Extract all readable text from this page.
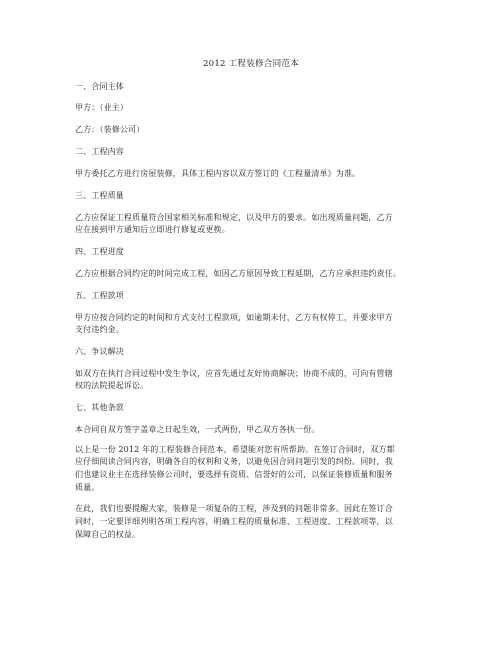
2012 工程装修合同范本
一、合同主体
甲方：（业主）
乙方：（装修公司）
二、工程内容
甲方委托乙方进行房屋装修，具体工程内容以双方签订的《工程量清单》为准。
三、工程质量
乙方应保证工程质量符合国家相关标准和规定，以及甲方的要求。如出现质量问题，乙方
应在接到甲方通知后立即进行修复或更换。
四、工程进度
乙方应根据合同约定的时间完成工程，如因乙方原因导致工程延期，乙方应承担违约责任。
五、工程款项
甲方应按合同约定的时间和方式支付工程款项，如逾期未付，乙方有权停工，并要求甲方
支付违约金。
六、争议解决
如双方在执行合同过程中发生争议，应首先通过友好协商解决；协商不成的，可向有管辖
权的法院提起诉讼。
七、其他条款
本合同自双方签字盖章之日起生效，一式两份，甲乙双方各执一份。
以上是一份 2012 年的工程装修合同范本，希望能对您有所帮助。在签订合同时，双方都
应仔细阅读合同内容，明确各自的权利和义务，以避免因合同问题引发的纠纷。同时，我
们也建议业主在选择装修公司时，要选择有资质、信誉好的公司，以保证装修质量和服务
质量。
在此，我们也要提醒大家，装修是一项复杂的工程，涉及到的问题非常多。因此在签订合
同时，一定要详细列明各项工程内容，明确工程的质量标准、工程进度、工程款项等，以
保障自己的权益。
